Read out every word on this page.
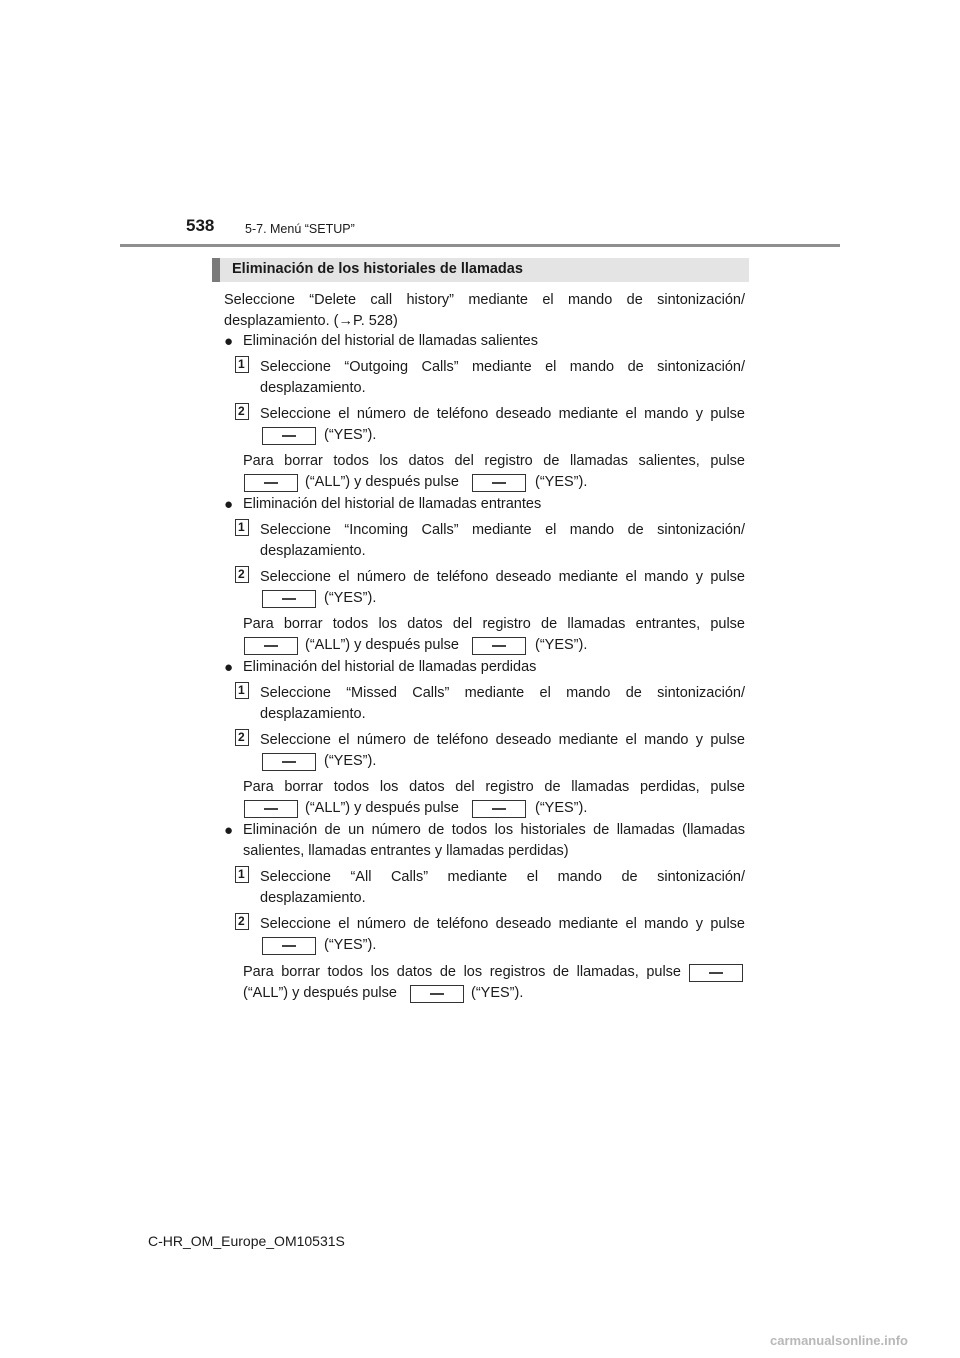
538 5-7. Menú “SETUP”
Eliminación de los historiales de llamadas
Seleccione “Delete call history” mediante el mando de sintonización/
desplazamiento. (→P. 528)
● Eliminación del historial de llamadas salientes
1 Seleccione “Outgoing Calls” mediante el mando de sintonización/
desplazamiento.
2 Seleccione el número de teléfono deseado mediante el mando y pulse
(“YES”).
Para borrar todos los datos del registro de llamadas salientes, pulse
(“ALL”) y después pulse	(“YES”).
● Eliminación del historial de llamadas entrantes
1 Seleccione “Incoming Calls” mediante el mando de sintonización/
desplazamiento.
2 Seleccione el número de teléfono deseado mediante el mando y pulse
(“YES”).
Para borrar todos los datos del registro de llamadas entrantes, pulse
(“ALL”) y después pulse	(“YES”).
● Eliminación del historial de llamadas perdidas
1 Seleccione “Missed Calls” mediante el mando de sintonización/
desplazamiento.
2 Seleccione el número de teléfono deseado mediante el mando y pulse
(“YES”).
Para borrar todos los datos del registro de llamadas perdidas, pulse
(“ALL”) y después pulse	(“YES”).
● Eliminación de un número de todos los historiales de llamadas (llamadas
salientes, llamadas entrantes y llamadas perdidas)
1 Seleccione “All Calls” mediante el mando de sintonización/
desplazamiento.
2 Seleccione el número de teléfono deseado mediante el mando y pulse
(“YES”).
Para borrar todos los datos de los registros de llamadas, pulse
(“ALL”) y después pulse	(“YES”).
C-HR_OM_Europe_OM10531S
carmanualsonline.info
